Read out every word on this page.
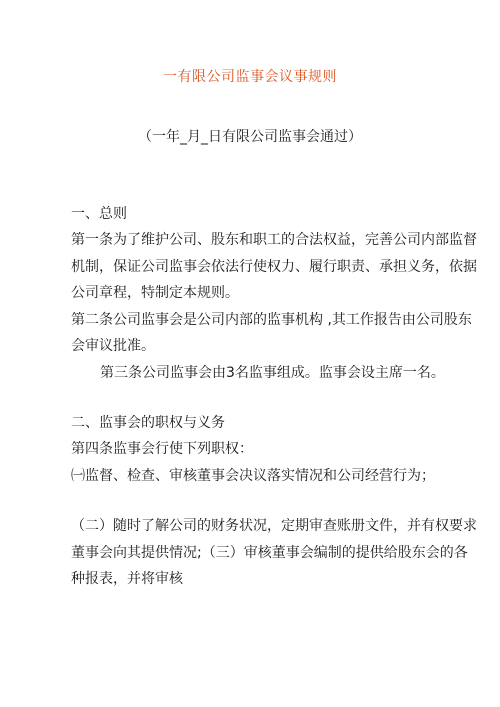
一有限公司监事会议事规则
（一年_月_日有限公司监事会通过）
一、总则
第一条为了维护公司、股东和职工的合法权益，完善公司内部监督
机制，保证公司监事会依法行使权力、履行职责、承担义务，依据
公司章程，特制定本规则。
第二条公司监事会是公司内部的监事机构 ,其工作报告由公司股东
会审议批准。
第三条公司监事会由3名监事组成。监事会设主席一名。
二、监事会的职权与义务
第四条监事会行使下列职权：
㈠监督、检查、审核董事会决议落实情况和公司经营行为；
（二）随时了解公司的财务状况，定期审查账册文件，并有权要求
董事会向其提供情况;（三）审核董事会编制的提供给股东会的各
种报表，并将审核
